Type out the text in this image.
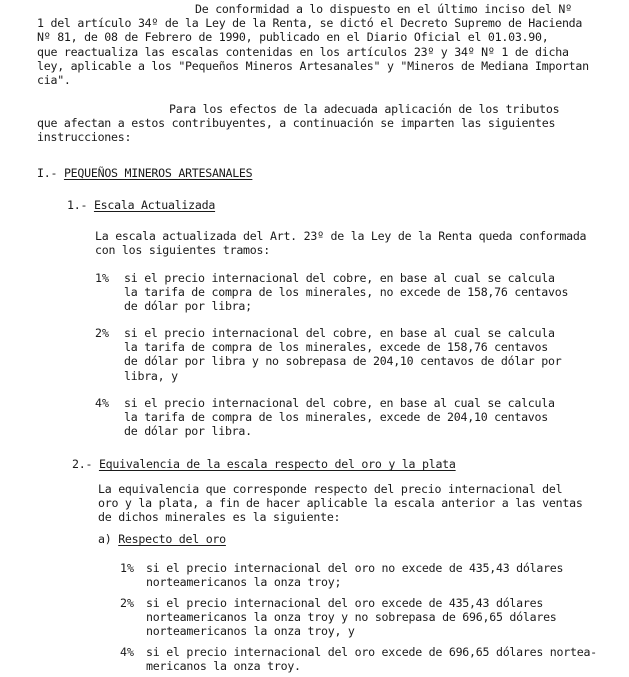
De conformidad a lo dispuesto en el último inciso del Nº
1 del artículo 34º de la Ley de la Renta, se dictó el Decreto Supremo de Hacienda
Nº 81, de 08 de Febrero de 1990, publicado en el Diario Oficial el 01.03.90,
que reactualiza las escalas contenidas en los artículos 23º y 34º Nº 1 de dicha
ley, aplicable a los "Pequeños Mineros Artesanales" y "Mineros de Mediana Importan
cia".
Para los efectos de la adecuada aplicación de los tributos
que afectan a estos contribuyentes, a continuación se imparten las siguientes
instrucciones:
I.- PEQUEÑOS MINEROS ARTESANALES
1.- Escala Actualizada
La escala actualizada del Art. 23º de la Ley de la Renta queda conformada
con los siguientes tramos:
1% si el precio internacional del cobre, en base al cual se calcula
la tarifa de compra de los minerales, no excede de 158,76 centavos
de dólar por libra;
2% si el precio internacional del cobre, en base al cual se calcula
la tarifa de compra de los minerales, excede de 158,76 centavos
de dólar por libra y no sobrepasa de 204,10 centavos de dólar por
libra, y
4% si el precio internacional del cobre, en base al cual se calcula
la tarifa de compra de los minerales, excede de 204,10 centavos
de dólar por libra.
2.- Equivalencia de la escala respecto del oro y la plata
La equivalencia que corresponde respecto del precio internacional del
oro y la plata, a fin de hacer aplicable la escala anterior a las ventas
de dichos minerales es la siguiente:
a) Respecto del oro
1% si el precio internacional del oro no excede de 435,43 dólares
norteamericanos la onza troy;
2% si el precio internacional del oro excede de 435,43 dólares
norteamericanos la onza troy y no sobrepasa de 696,65 dólares
norteamericanos la onza troy, y
4% si el precio internacional del oro excede de 696,65 dólares nortea-
mericanos la onza troy.
